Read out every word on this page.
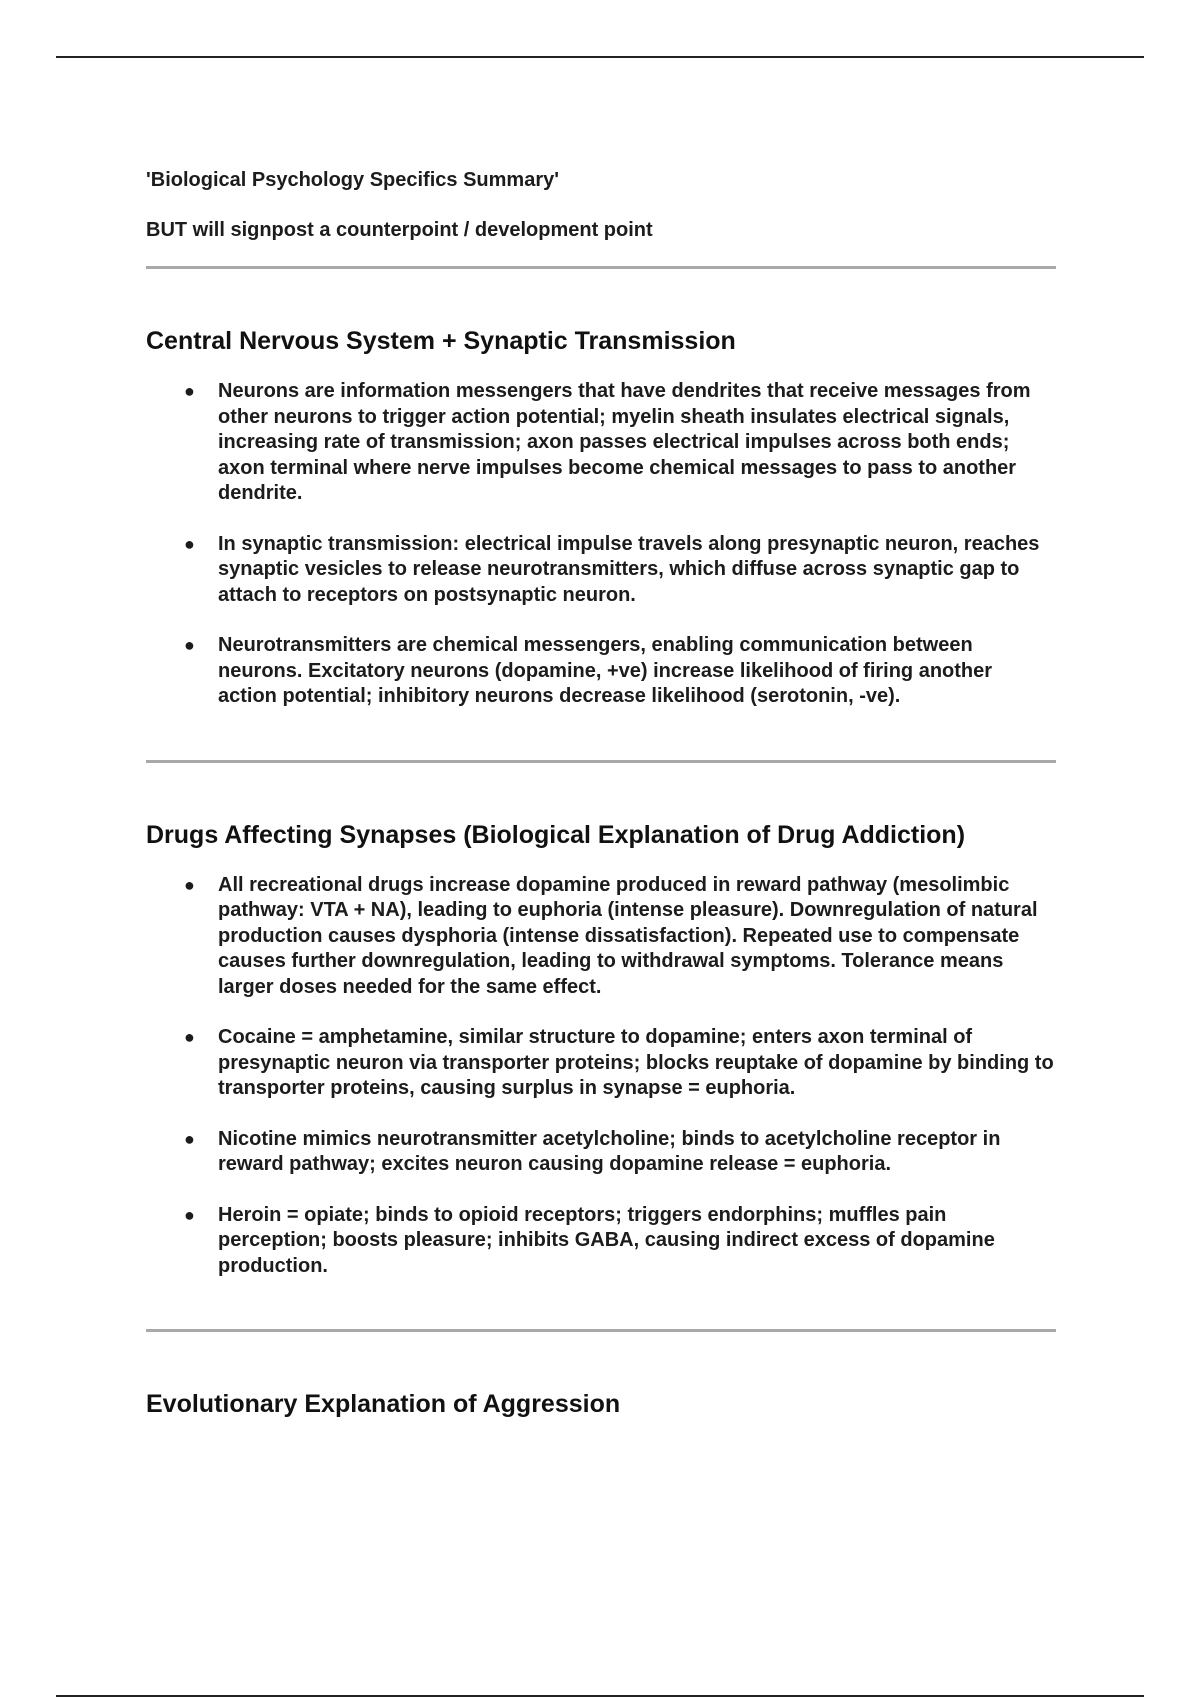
'Biological Psychology Specifics Summary'

BUT will signpost a counterpoint / development point

Central Nervous System + Synaptic Transmission
● Neurons are information messengers that have dendrites that receive messages from other neurons to trigger action potential; myelin sheath insulates electrical signals, increasing rate of transmission; axon passes electrical impulses across both ends; axon terminal where nerve impulses become chemical messages to pass to another dendrite.
● In synaptic transmission: electrical impulse travels along presynaptic neuron, reaches synaptic vesicles to release neurotransmitters, which diffuse across synaptic gap to attach to receptors on postsynaptic neuron.
● Neurotransmitters are chemical messengers, enabling communication between neurons. Excitatory neurons (dopamine, +ve) increase likelihood of firing another action potential; inhibitory neurons decrease likelihood (serotonin, -ve).
Drugs Affecting Synapses (Biological Explanation of Drug Addiction)
● All recreational drugs increase dopamine produced in reward pathway (mesolimbic pathway: VTA + NA), leading to euphoria (intense pleasure). Downregulation of natural production causes dysphoria (intense dissatisfaction). Repeated use to compensate causes further downregulation, leading to withdrawal symptoms. Tolerance means larger doses needed for the same effect.
● Cocaine = amphetamine, similar structure to dopamine; enters axon terminal of presynaptic neuron via transporter proteins; blocks reuptake of dopamine by binding to transporter proteins, causing surplus in synapse = euphoria.
● Nicotine mimics neurotransmitter acetylcholine; binds to acetylcholine receptor in reward pathway; excites neuron causing dopamine release = euphoria.
● Heroin = opiate; binds to opioid receptors; triggers endorphins; muffles pain perception; boosts pleasure; inhibits GABA, causing indirect excess of dopamine production.
Evolutionary Explanation of Aggression
